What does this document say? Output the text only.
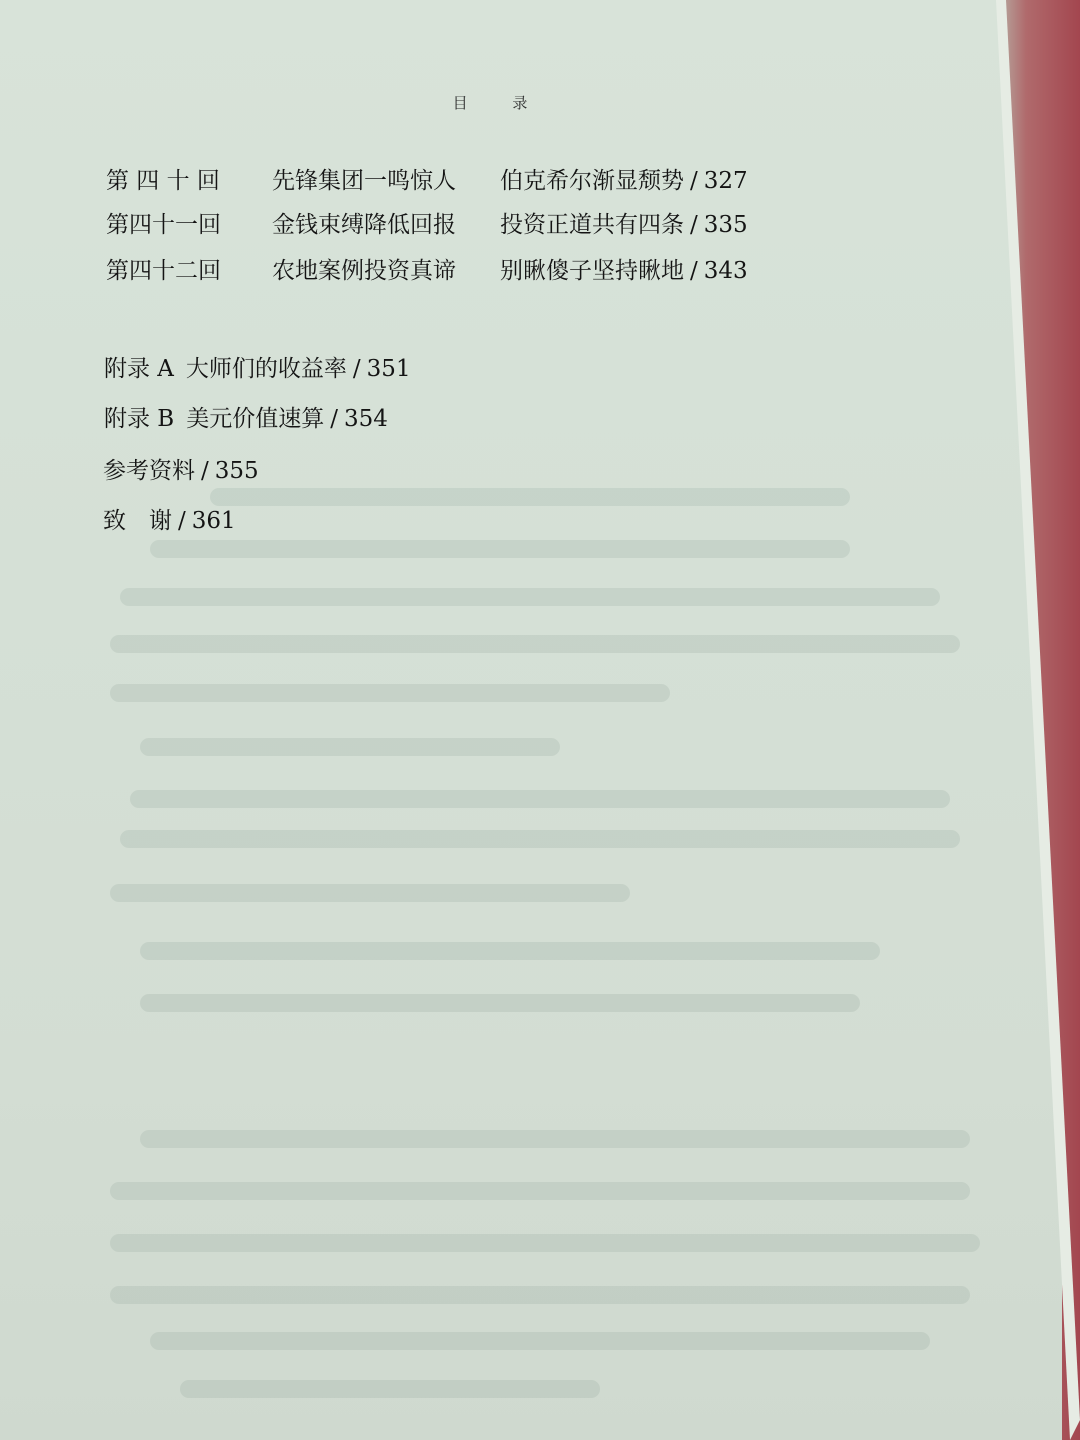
目 录
第 四 十 回	先锋集团一鸣惊人	伯克希尔渐显颓势 / 327
第四十一回	金钱束缚降低回报	投资正道共有四条 / 335
第四十二回	农地案例投资真谛	别瞅傻子坚持瞅地 / 343
附录 A 大师们的收益率 / 351
附录 B 美元价值速算 / 354
参考资料 / 355
致　谢 / 361
